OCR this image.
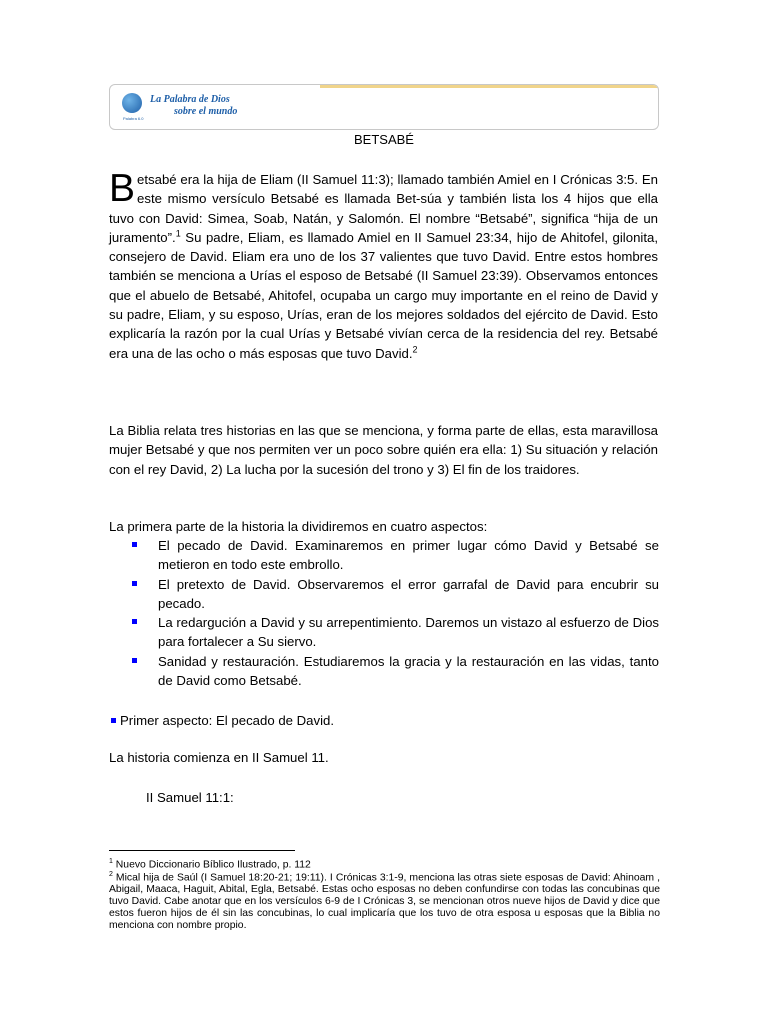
Palabra 6.0
La Palabra de Dios
sobre el mundo
BETSABÉ
Betsabé era la hija de Eliam (II Samuel 11:3); llamado también Amiel en I Crónicas 3:5. En este mismo versículo Betsabé es llamada Bet-súa y también lista los 4 hijos que ella tuvo con David: Simea, Soab, Natán, y Salomón. El nombre “Betsabé”, significa “hija de un juramento”.$^1$ Su padre, Eliam, es llamado Amiel en II Samuel 23:34, hijo de Ahitofel, gilonita, consejero de David. Eliam era uno de los 37 valientes que tuvo David. Entre estos hombres también se menciona a Urías el esposo de Betsabé (II Samuel 23:39). Observamos entonces que el abuelo de Betsabé, Ahitofel, ocupaba un cargo muy importante en el reino de David y su padre, Eliam, y su esposo, Urías, eran de los mejores soldados del ejército de David. Esto explicaría la razón por la cual Urías y Betsabé vivían cerca de la residencia del rey. Betsabé era una de las ocho o más esposas que tuvo David.$^2$
La Biblia relata tres historias en las que se menciona, y forma parte de ellas, esta maravillosa mujer Betsabé y que nos permiten ver un poco sobre quién era ella: 1) Su situación y relación con el rey David, 2) La lucha por la sucesión del trono y 3) El fin de los traidores.
La primera parte de la historia la dividiremos en cuatro aspectos:
El pecado de David. Examinaremos en primer lugar cómo David y Betsabé se metieron en todo este embrollo.
El pretexto de David. Observaremos el error garrafal de David para encubrir su pecado.
La redargución a David y su arrepentimiento. Daremos un vistazo al esfuerzo de Dios para fortalecer a Su siervo.
Sanidad y restauración. Estudiaremos la gracia y la restauración en las vidas, tanto de David como Betsabé.
Primer aspecto: El pecado de David.
La historia comienza en II Samuel 11.
II Samuel 11:1:
$^1$ Nuevo Diccionario Bíblico Ilustrado, p. 112
$^2$ Mical hija de Saúl (I Samuel 18:20-21; 19:11). I Crónicas 3:1-9, menciona las otras siete esposas de David: Ahinoam , Abigail, Maaca, Haguit, Abital, Egla, Betsabé. Estas ocho esposas no deben confundirse con todas las concubinas que tuvo David. Cabe anotar que en los versículos 6-9 de I Crónicas 3, se mencionan otros nueve hijos de David y dice que estos fueron hijos de él sin las concubinas, lo cual implicaría que los tuvo de otra esposa u esposas que la Biblia no menciona con nombre propio.
